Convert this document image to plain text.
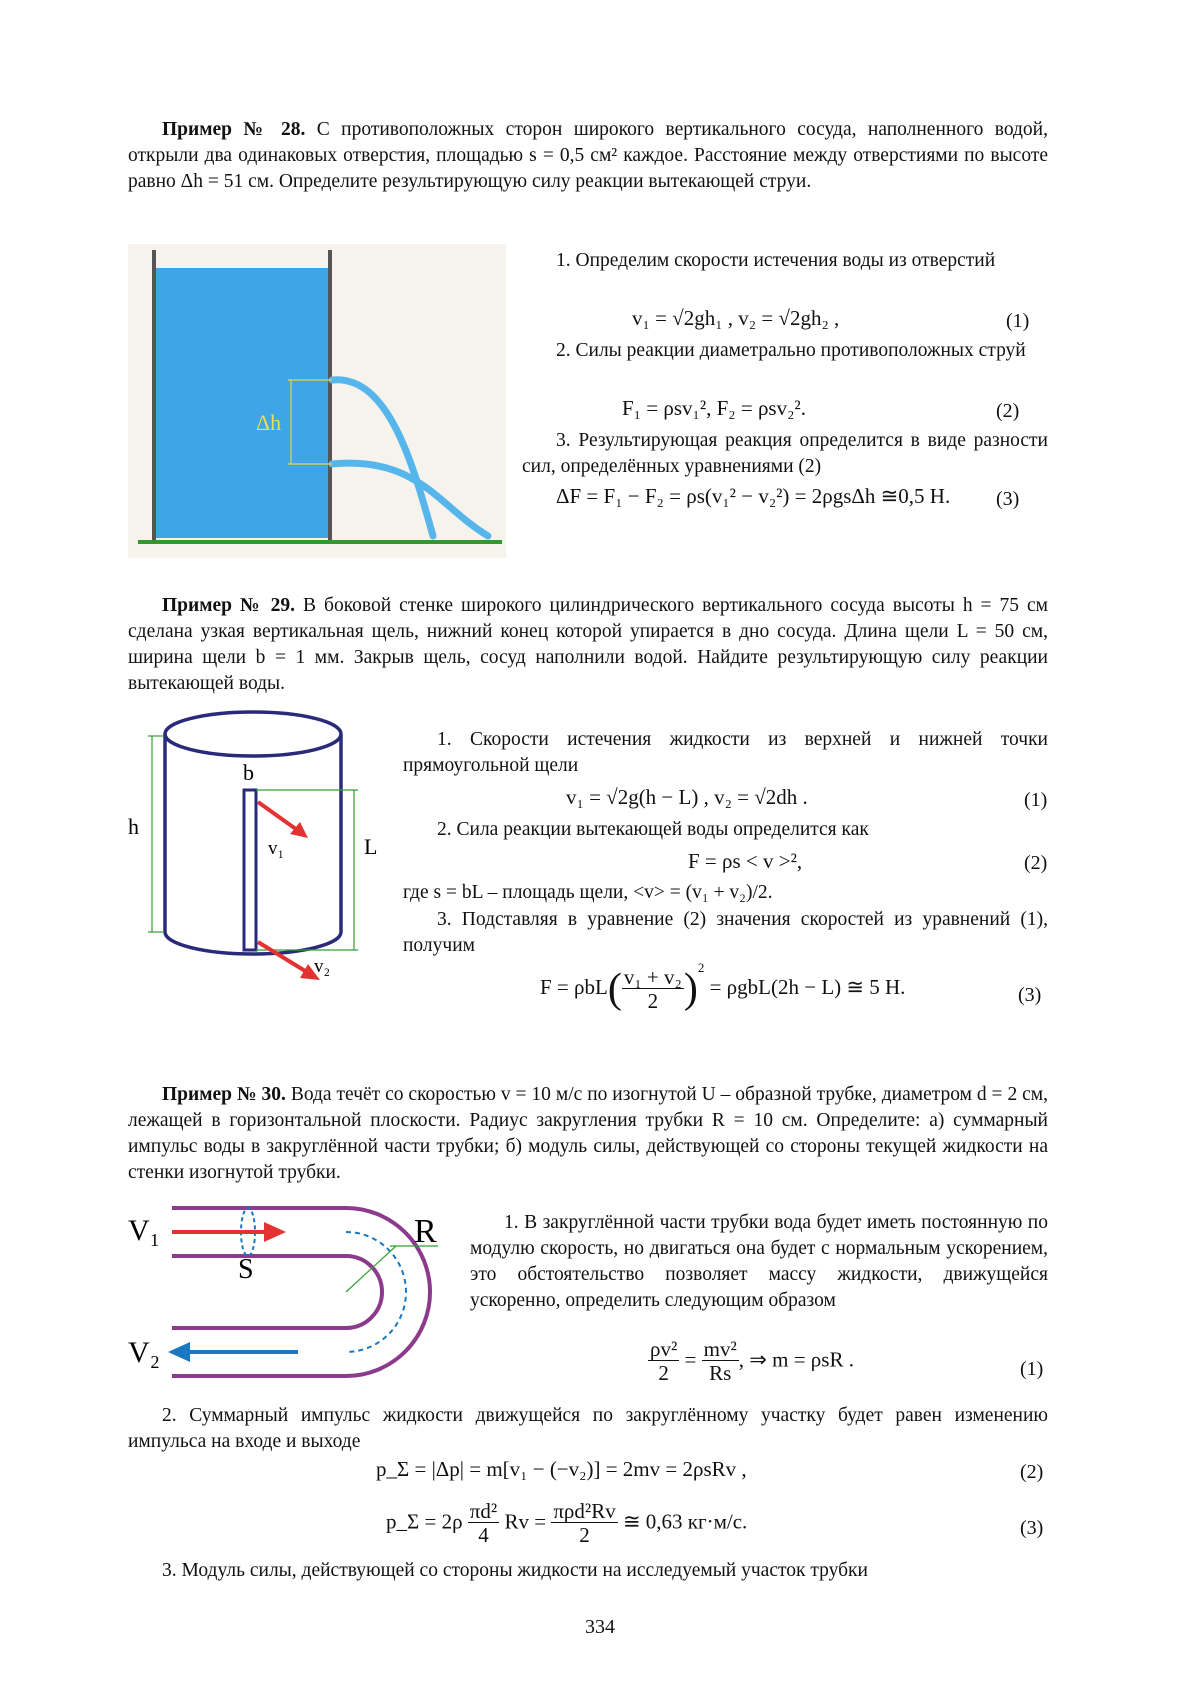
Пример № 28. С противоположных сторон широкого вертикального сосуда, наполненного водой, открыли два одинаковых отверстия, площадью s = 0,5 см² каждое. Расстояние между отверстиями по высоте равно Δh = 51 см. Определите результирующую силу реакции вытекающей струи.
Δh
1. Определим скорости истечения воды из отверстий
v₁ = √2gh₁ , v₂ = √2gh₂ ,	(1)
2. Силы реакции диаметрально противоположных струй
F₁ = ρsv₁², F₂ = ρsv₂².	(2)
3. Результирующая реакция определится в виде разности сил, определённых уравнениями (2)
ΔF = F₁ − F₂ = ρs(v₁² − v₂²) = 2ρgsΔh ≅0,5 Н. (3)
Пример № 29. В боковой стенке широкого цилиндрического вертикального сосуда высоты h = 75 см сделана узкая вертикальная щель, нижний конец которой упирается в дно сосуда. Длина щели L = 50 см, ширина щели b = 1 мм. Закрыв щель, сосуд наполнили водой. Найдите результирующую силу реакции вытекающей воды.
h
b
L
v₁
v₂
1. Скорости истечения жидкости из верхней и нижней точки прямоугольной щели
v₁ = √2g(h − L) , v₂ = √2dh .	(1)
2. Сила реакции вытекающей воды определится как
F = ρs < v >²,	(2)
где s = bL – площадь щели, <v> = (v₁ + v₂)/2.
3. Подставляя в уравнение (2) значения скоростей из уравнений (1), получим
$F = \rho bL( \frac{\text{v₁ + v₂}}{2} )^2 = \rho gbL(2h - L)$ ≅ 5 Н.	(3)
Пример № 30. Вода течёт со скоростью v = 10 м/с по изогнутой U – образной трубке, диаметром d = 2 см, лежащей в горизонтальной плоскости. Радиус закругления трубки R = 10 см. Определите: а) суммарный импульс воды в закруглённой части трубки; б) модуль силы, действующей со стороны текущей жидкости на стенки изогнутой трубки.
V₁
V₂
S
R	1. В закруглённой части трубки вода будет иметь постоянную по модулю скорость, но двигаться она будет с нормальным ускорением, это обстоятельство позволяет массу жидкости, движущейся ускоренно, определить следующим образом
$\frac{\text{ρv²}}{2} = \frac{\text{mv²}}{Rs}$ , ⇒ m = ρsR .	(1)
2. Суммарный импульс жидкости движущейся по закруглённому участку будет равен изменению импульса на входе и выходе
p_Σ = |Δp| = m[v₁ − (−v₂)] = 2mv = 2ρsRv ,	(2)
p_Σ = $2\rho \frac{\text{πd²}}{4}$ $Rv = \frac{\text{πρd²Rv}}{2}$ ≅ 0,63 кг·м/с.	(3)
3. Модуль силы, действующей со стороны жидкости на исследуемый участок трубки
334
